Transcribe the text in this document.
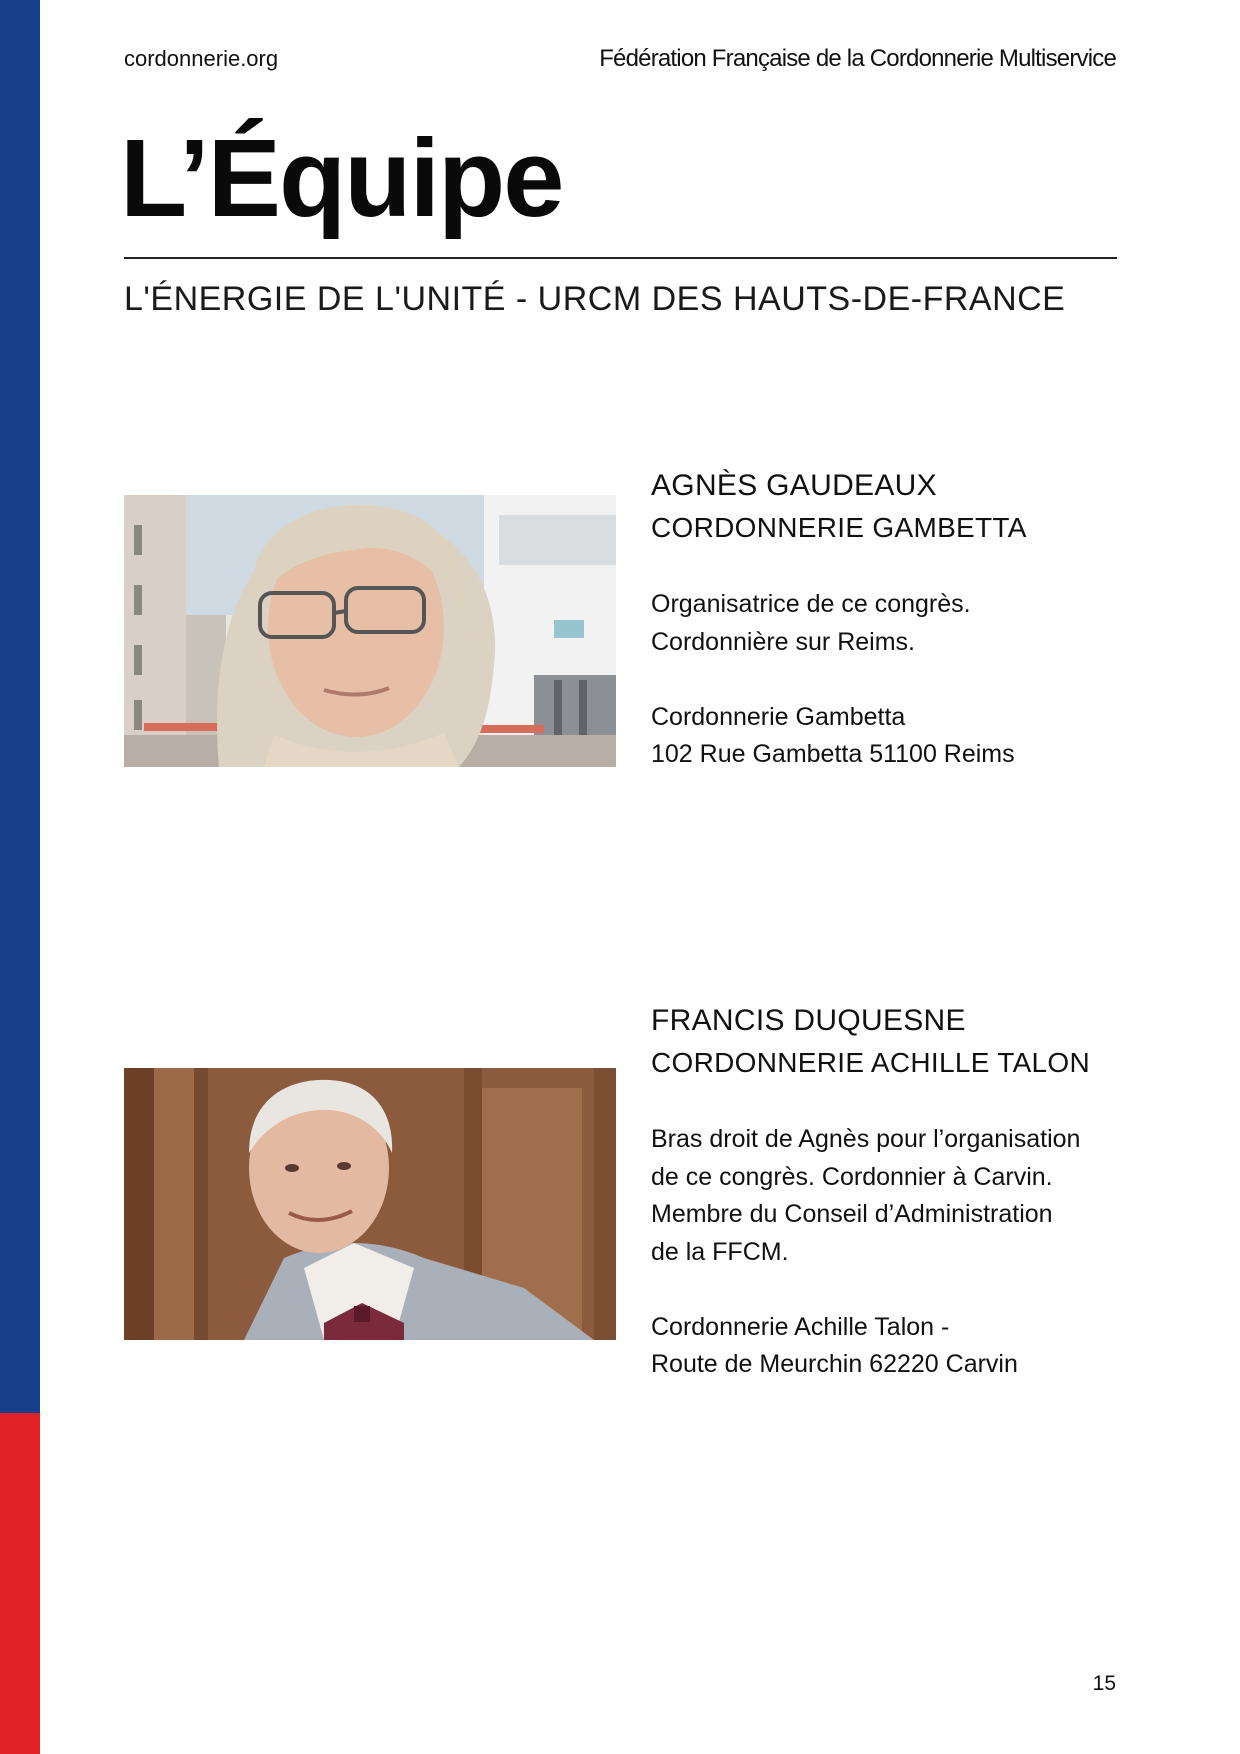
cordonnerie.org	Fédération Française de la Cordonnerie Multiservice
L’Équipe
L'ÉNERGIE DE L'UNITÉ - URCM DES HAUTS-DE-FRANCE
AGNÈS GAUDEAUX
CORDONNERIE GAMBETTA
Organisatrice de ce congrès.
Cordonnière sur Reims.
Cordonnerie Gambetta
102 Rue Gambetta 51100 Reims
FRANCIS DUQUESNE
CORDONNERIE ACHILLE TALON
Bras droit de Agnès pour l’organisation
de ce congrès. Cordonnier à Carvin.
Membre du Conseil d’Administration
de la FFCM.
Cordonnerie Achille Talon -
Route de Meurchin 62220 Carvin
15
